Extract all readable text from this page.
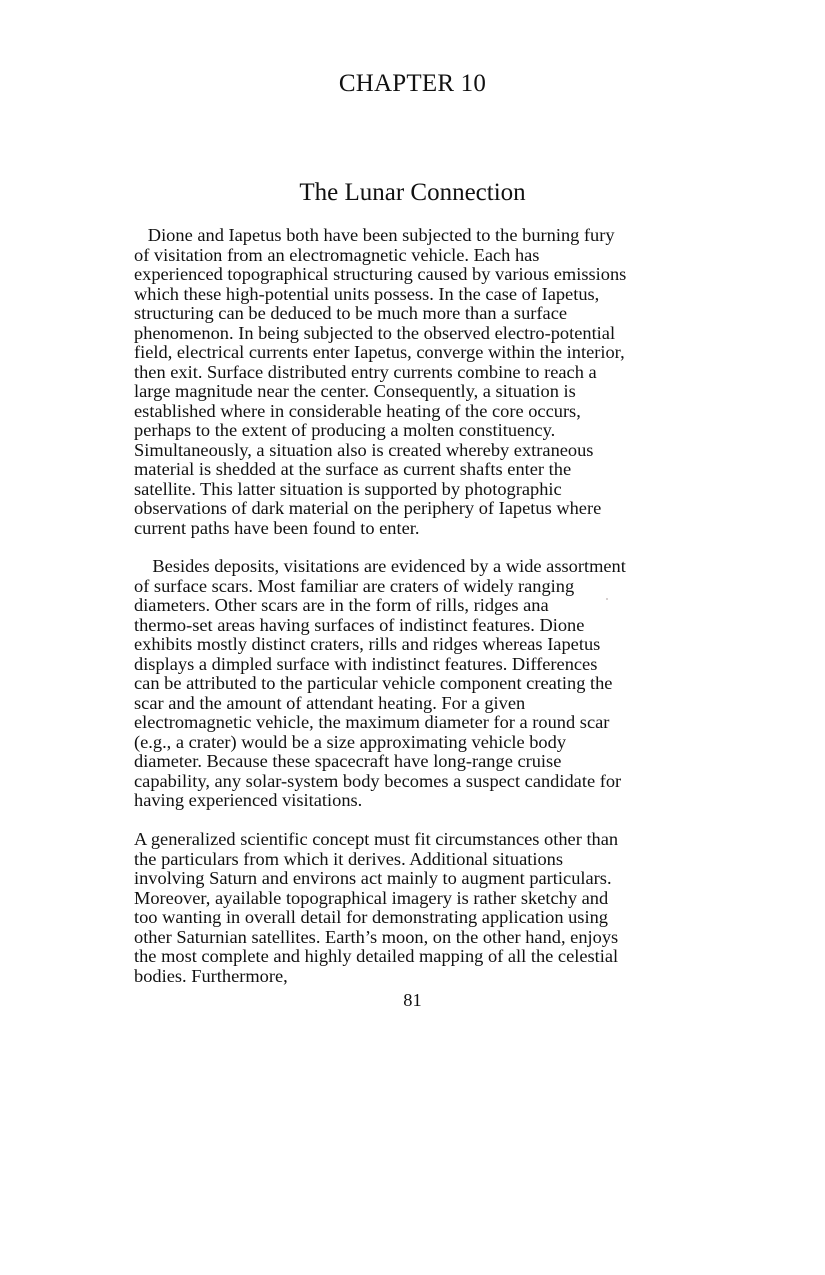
CHAPTER 10
The Lunar Connection

Dione and Iapetus both have been subjected to the burning fury
of visitation from an electromagnetic vehicle. Each has
experienced topographical structuring caused by various emissions
which these high-potential units possess. In the case of Iapetus,
structuring can be deduced to be much more than a surface
phenomenon. In being subjected to the observed electro-potential
field, electrical currents enter Iapetus, converge within the interior,
then exit. Surface distributed entry currents combine to reach a
large magnitude near the center. Consequently, a situation is
established where in considerable heating of the core occurs,
perhaps to the extent of producing a molten constituency.
Simultaneously, a situation also is created whereby extraneous
material is shedded at the surface as current shafts enter the
satellite. This latter situation is supported by photographic
observations of dark material on the periphery of Iapetus where
current paths have been found to enter.

Besides deposits, visitations are evidenced by a wide assortment
of surface scars. Most familiar are craters of widely ranging
diameters. Other scars are in the form of rills, ridges ana
thermo-set areas having surfaces of indistinct features. Dione
exhibits mostly distinct craters, rills and ridges whereas Iapetus
displays a dimpled surface with indistinct features. Differences
can be attributed to the particular vehicle component creating the
scar and the amount of attendant heating. For a given
electromagnetic vehicle, the maximum diameter for a round scar
(e.g., a crater) would be a size approximating vehicle body
diameter. Because these spacecraft have long-range cruise
capability, any solar-system body becomes a suspect candidate for
having experienced visitations.

A generalized scientific concept must fit circumstances other than
the particulars from which it derives. Additional situations
involving Saturn and environs act mainly to augment particulars.
Moreover, ayailable topographical imagery is rather sketchy and
too wanting in overall detail for demonstrating application using
other Saturnian satellites. Earth’s moon, on the other hand, enjoys
the most complete and highly detailed mapping of all the celestial
bodies. Furthermore,

81
